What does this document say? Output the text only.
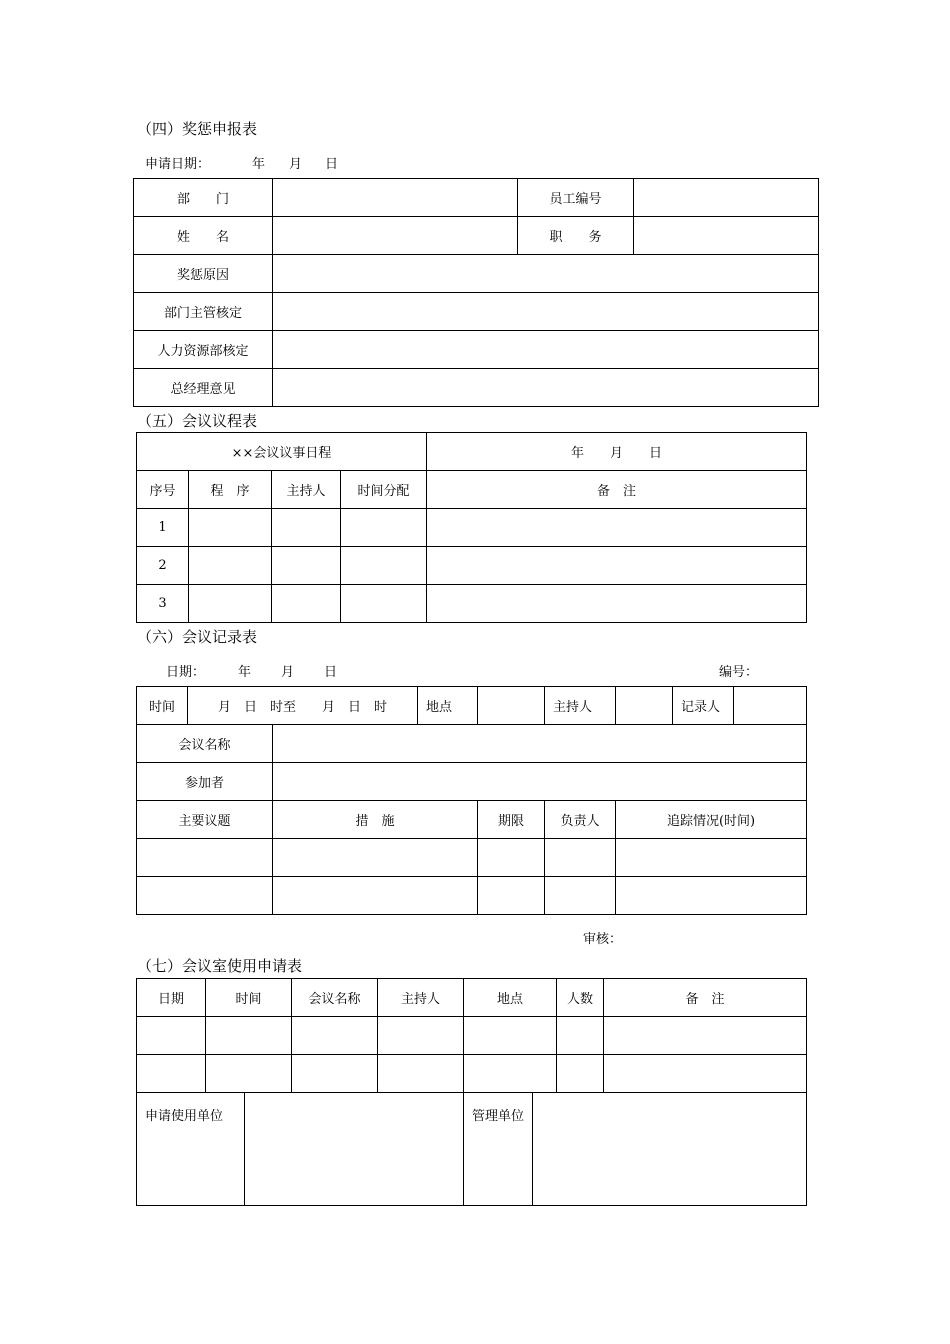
（四）奖惩申报表
申请日期：	年 月 日
部　　门		员工编号	
姓　　名		职　　务	
奖惩原因			
部门主管核定			
人力资源部核定			
总经理意见			
（五）会议议程表
××会议议事日程				年　　月　　日
序号	程　序	主持人	时间分配	备　注
1				
2				
3				
（六）会议记录表
日期：	年 月 日	编号：
时间	月　日　时至　　月　日　时		地点		主持人		记录人	
会议名称								
参加者								
主要议题		措　施		期限	负责人	追踪情况(时间)		

审核：
（七）会议室使用申请表
日期	时间		会议名称	主持人	地点		人数	备　注

申请使用单位					管理单位			
